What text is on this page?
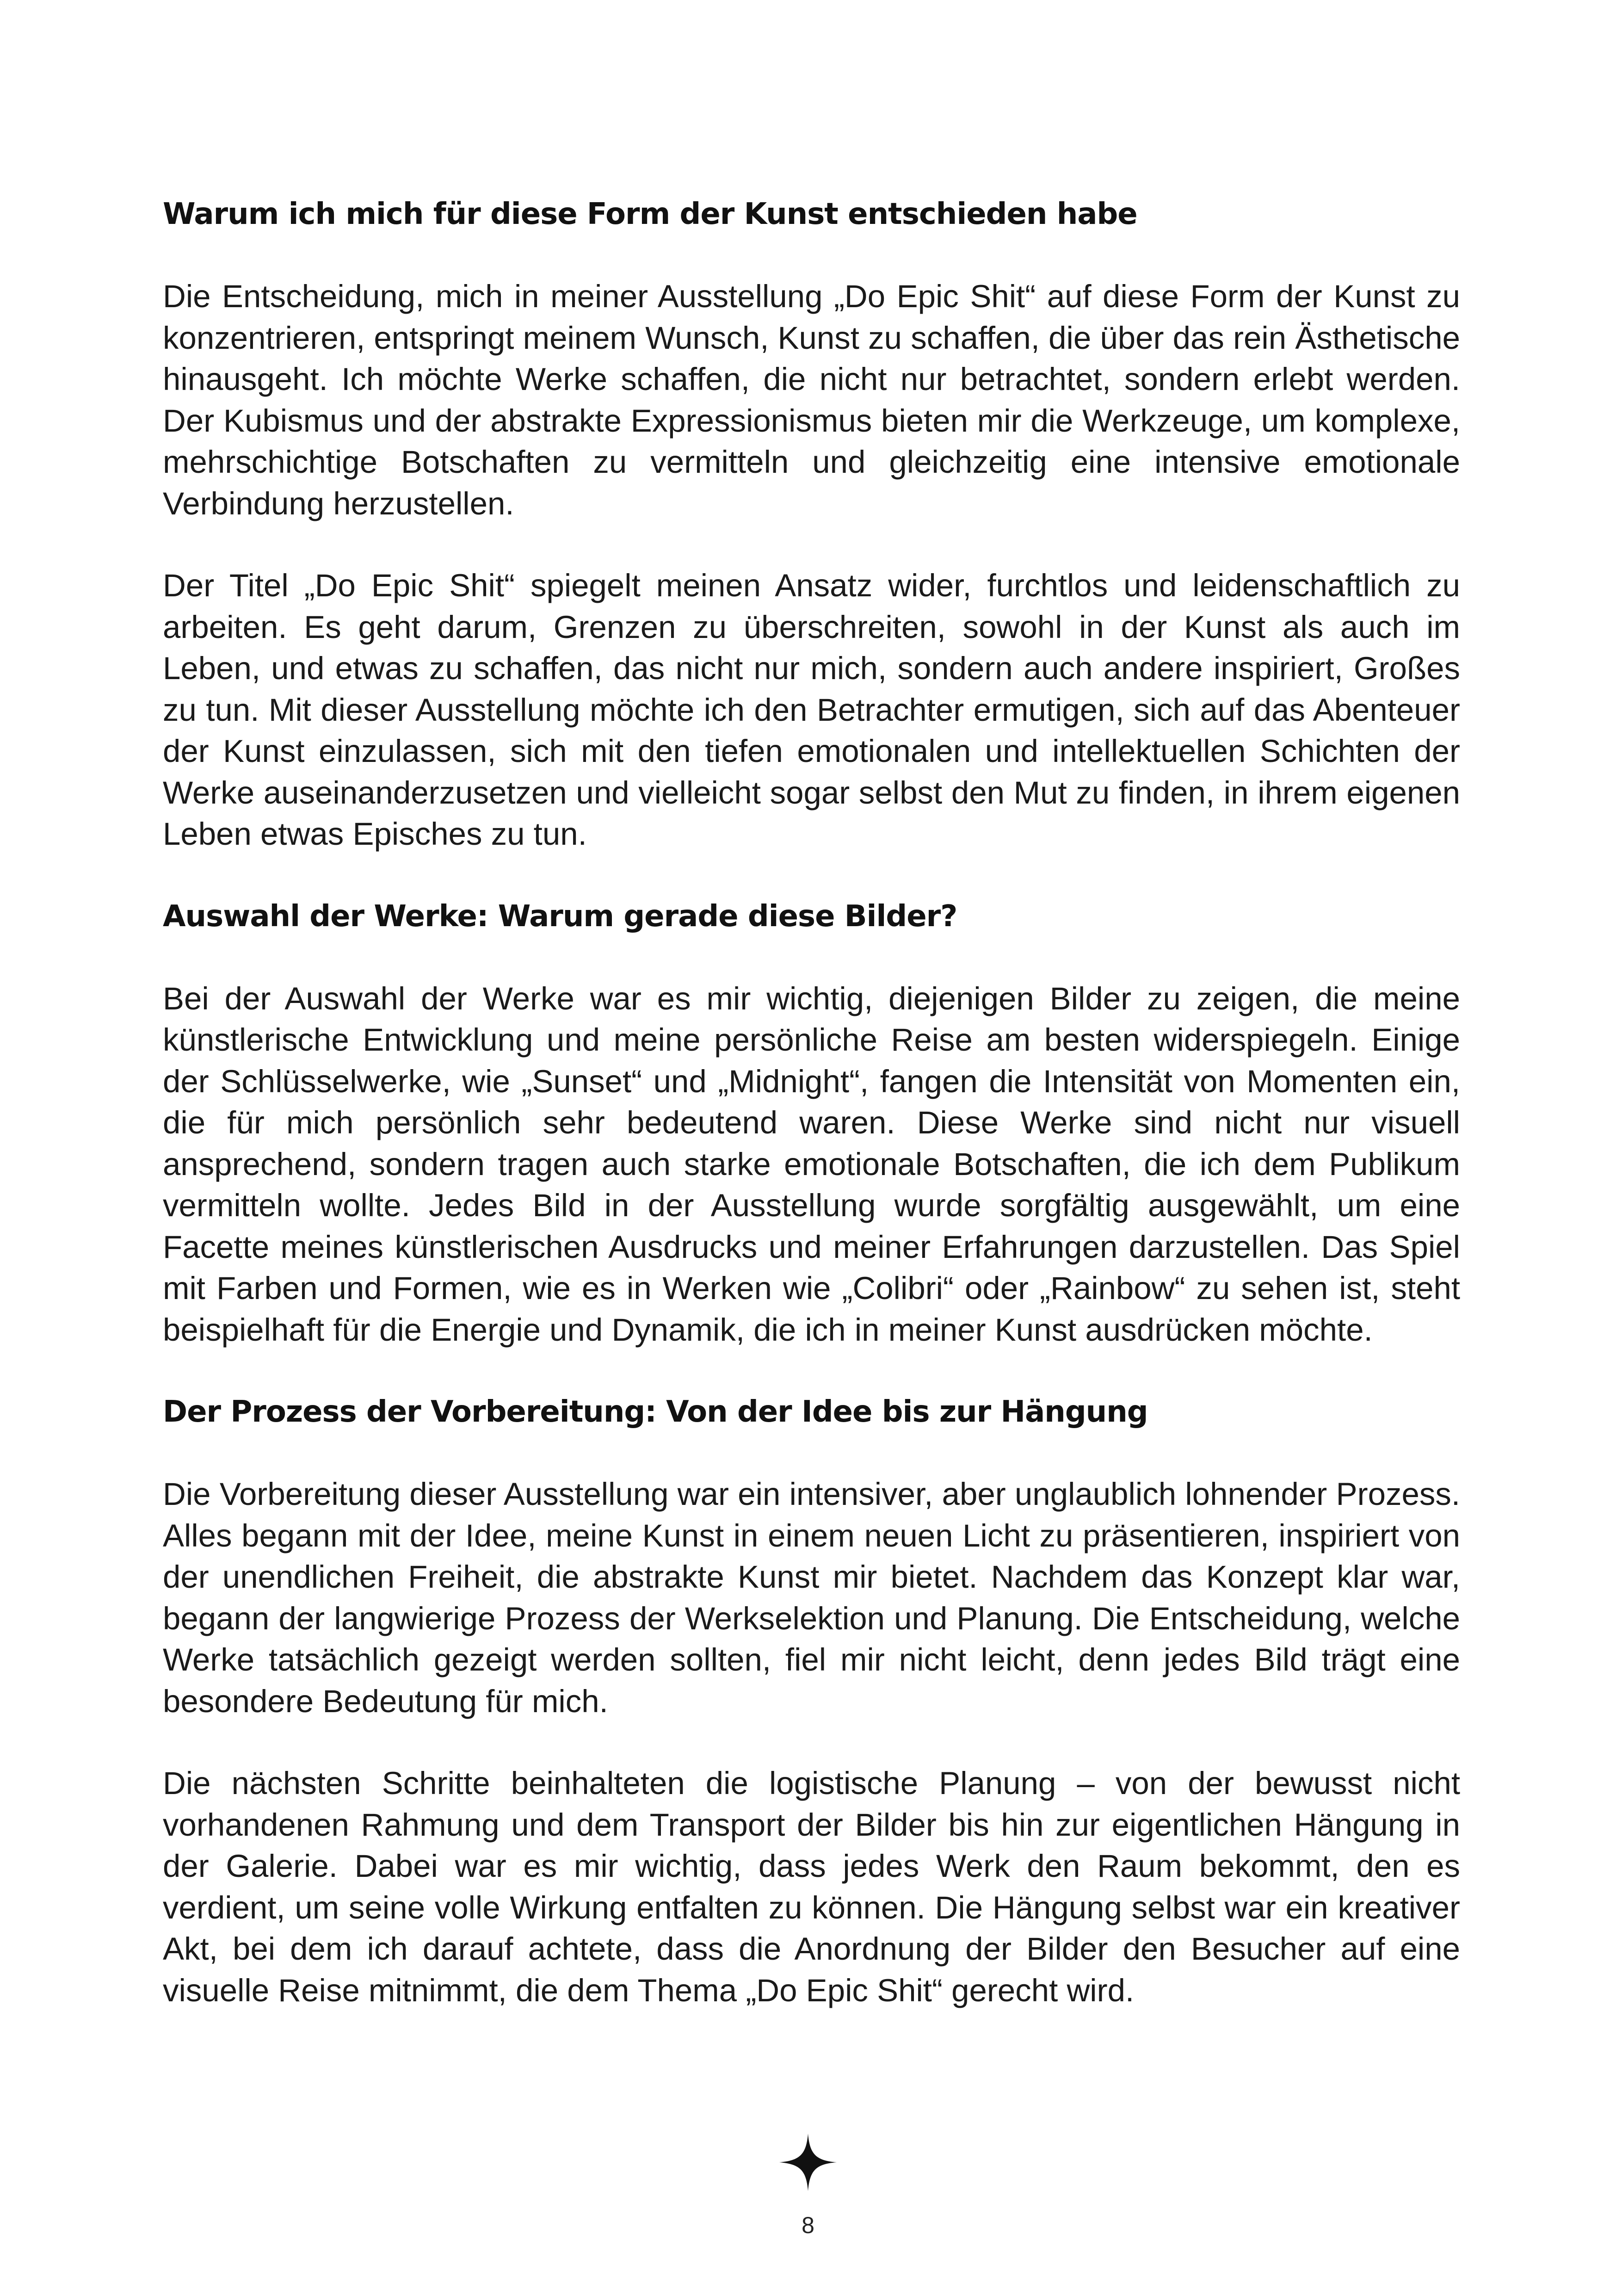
Warum ich mich für diese Form der Kunst entschieden habe

Die Entscheidung, mich in meiner Ausstellung „Do Epic Shit“ auf diese Form der Kunst zu konzentrieren, entspringt meinem Wunsch, Kunst zu schaffen, die über das rein Ästhetische hinausgeht. Ich möchte Werke schaffen, die nicht nur betrachtet, sondern erlebt werden. Der Kubismus und der abstrakte Expressionismus bieten mir die Werkzeuge, um komplexe, mehrschichtige Botschaften zu vermitteln und gleichzeitig eine intensive emotionale Verbindung herzustellen.

Der Titel „Do Epic Shit“ spiegelt meinen Ansatz wider, furchtlos und leidenschaftlich zu arbeiten. Es geht darum, Grenzen zu überschreiten, sowohl in der Kunst als auch im Leben, und etwas zu schaffen, das nicht nur mich, sondern auch andere inspiriert, Großes zu tun. Mit dieser Ausstellung möchte ich den Betrachter ermutigen, sich auf das Abenteuer der Kunst einzulassen, sich mit den tiefen emotionalen und intellektuellen Schichten der Werke auseinanderzusetzen und vielleicht sogar selbst den Mut zu finden, in ihrem eigenen Leben etwas Episches zu tun.

Auswahl der Werke: Warum gerade diese Bilder?

Bei der Auswahl der Werke war es mir wichtig, diejenigen Bilder zu zeigen, die meine künstlerische Entwicklung und meine persönliche Reise am besten widerspiegeln. Einige der Schlüsselwerke, wie „Sunset“ und „Midnight“, fangen die Intensität von Momenten ein, die für mich persönlich sehr bedeutend waren. Diese Werke sind nicht nur visuell ansprechend, sondern tragen auch starke emotionale Botschaften, die ich dem Publikum vermitteln wollte. Jedes Bild in der Ausstellung wurde sorgfältig ausgewählt, um eine Facette meines künstlerischen Ausdrucks und meiner Erfahrungen darzustellen. Das Spiel mit Farben und Formen, wie es in Werken wie „Colibri“ oder „Rainbow“ zu sehen ist, steht beispielhaft für die Energie und Dynamik, die ich in meiner Kunst ausdrücken möchte.

Der Prozess der Vorbereitung: Von der Idee bis zur Hängung

Die Vorbereitung dieser Ausstellung war ein intensiver, aber unglaublich lohnender Prozess. Alles begann mit der Idee, meine Kunst in einem neuen Licht zu präsentieren, inspiriert von der unendlichen Freiheit, die abstrakte Kunst mir bietet. Nachdem das Konzept klar war, begann der langwierige Prozess der Werkselektion und Planung. Die Entscheidung, welche Werke tatsächlich gezeigt werden sollten, fiel mir nicht leicht, denn jedes Bild trägt eine besondere Bedeutung für mich.

Die nächsten Schritte beinhalteten die logistische Planung – von der bewusst nicht vorhandenen Rahmung und dem Transport der Bilder bis hin zur eigentlichen Hängung in der Galerie. Dabei war es mir wichtig, dass jedes Werk den Raum bekommt, den es verdient, um seine volle Wirkung entfalten zu können. Die Hängung selbst war ein kreativer Akt, bei dem ich darauf achtete, dass die Anordnung der Bilder den Besucher auf eine visuelle Reise mitnimmt, die dem Thema „Do Epic Shit“ gerecht wird.

8
